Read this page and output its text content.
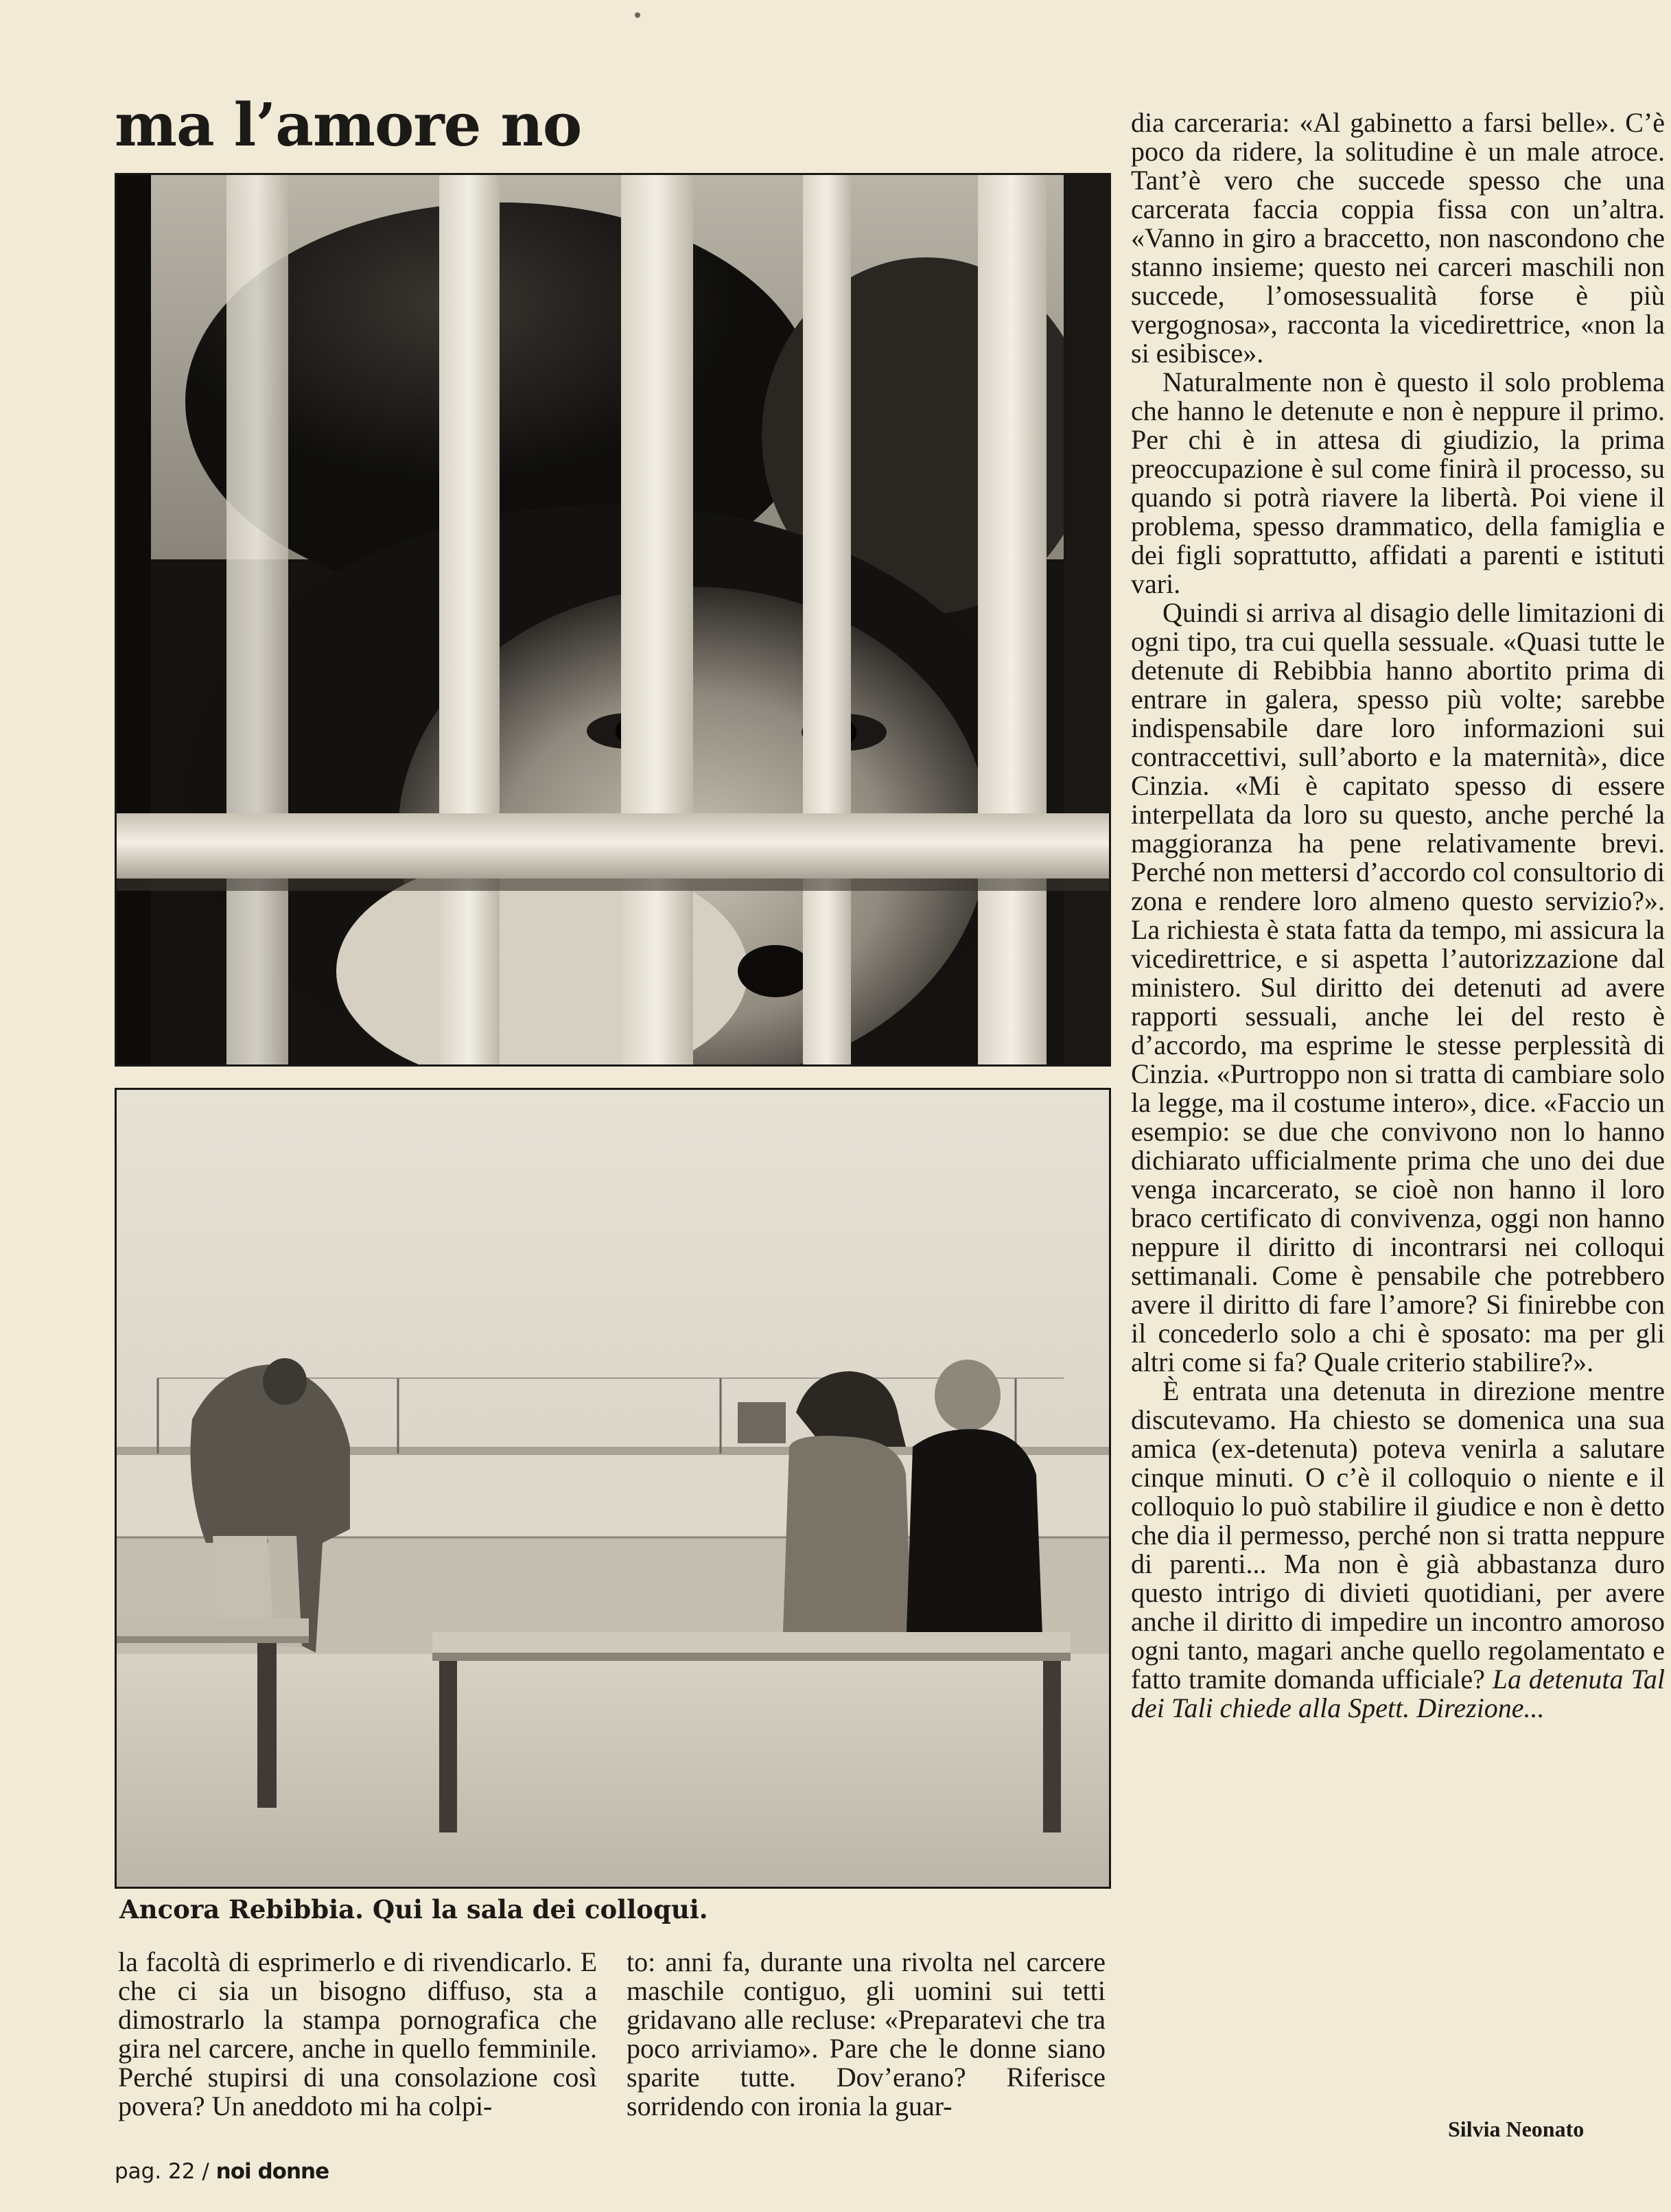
ma l’amore no
Ancora Rebibbia. Qui la sala dei colloqui.

dia carceraria: «Al gabinetto a farsi belle». C’è poco da ridere, la solitudine è un male atroce. Tant’è vero che succede spesso che una carcerata faccia coppia fissa con un’altra. «Vanno in giro a braccetto, non nascondono che stanno insieme; questo nei carceri maschili non succede, l’omosessualità forse è più vergognosa», racconta la vicedirettrice, «non la si esibisce».

Naturalmente non è questo il solo problema che hanno le detenute e non è neppure il primo. Per chi è in attesa di giudizio, la prima preoccupazione è sul come finirà il processo, su quando si potrà riavere la libertà. Poi viene il problema, spesso drammatico, della famiglia e dei figli soprattutto, affidati a parenti e istituti vari.

Quindi si arriva al disagio delle limitazioni di ogni tipo, tra cui quella sessuale. «Quasi tutte le detenute di Rebibbia hanno abortito prima di entrare in galera, spesso più volte; sarebbe indispensabile dare loro informazioni sui contraccettivi, sull’aborto e la maternità», dice Cinzia. «Mi è capitato spesso di essere interpellata da loro su questo, anche perché la maggioranza ha pene relativamente brevi. Perché non mettersi d’accordo col consultorio di zona e rendere loro almeno questo servizio?». La richiesta è stata fatta da tempo, mi assicura la vicedirettrice, e si aspetta l’autorizzazione dal ministero. Sul diritto dei detenuti ad avere rapporti sessuali, anche lei del resto è d’accordo, ma esprime le stesse perplessità di Cinzia. «Purtroppo non si tratta di cambiare solo la legge, ma il costume intero», dice. «Faccio un esempio: se due che convivono non lo hanno dichiarato ufficialmente prima che uno dei due venga incarcerato, se cioè non hanno il loro braco certificato di convivenza, oggi non hanno neppure il diritto di incontrarsi nei colloqui settimanali. Come è pensabile che potrebbero avere il diritto di fare l’amore? Si finirebbe con il concederlo solo a chi è sposato: ma per gli altri come si fa? Quale criterio stabilire?».

È entrata una detenuta in direzione mentre discutevamo. Ha chiesto se domenica una sua amica (ex-detenuta) poteva venirla a salutare cinque minuti. O c’è il colloquio o niente e il colloquio lo può stabilire il giudice e non è detto che dia il permesso, perché non si tratta neppure di parenti... Ma non è già abbastanza duro questo intrigo di divieti quotidiani, per avere anche il diritto di impedire un incontro amoroso ogni tanto, magari anche quello regolamentato e fatto tramite domanda ufficiale? La detenuta Tal dei Tali chiede alla Spett. Direzione...

la facoltà di esprimerlo e di rivendicarlo. E che ci sia un bisogno diffuso, sta a dimostrarlo la stampa pornografica che gira nel carcere, anche in quello femminile. Perché stupirsi di una consolazione così povera? Un aneddoto mi ha colpi-

to: anni fa, durante una rivolta nel carcere maschile contiguo, gli uomini sui tetti gridavano alle recluse: «Preparatevi che tra poco arriviamo». Pare che le donne siano sparite tutte. Dov’erano? Riferisce sorridendo con ironia la guar-

Silvia Neonato
pag. 22 / noi donne
